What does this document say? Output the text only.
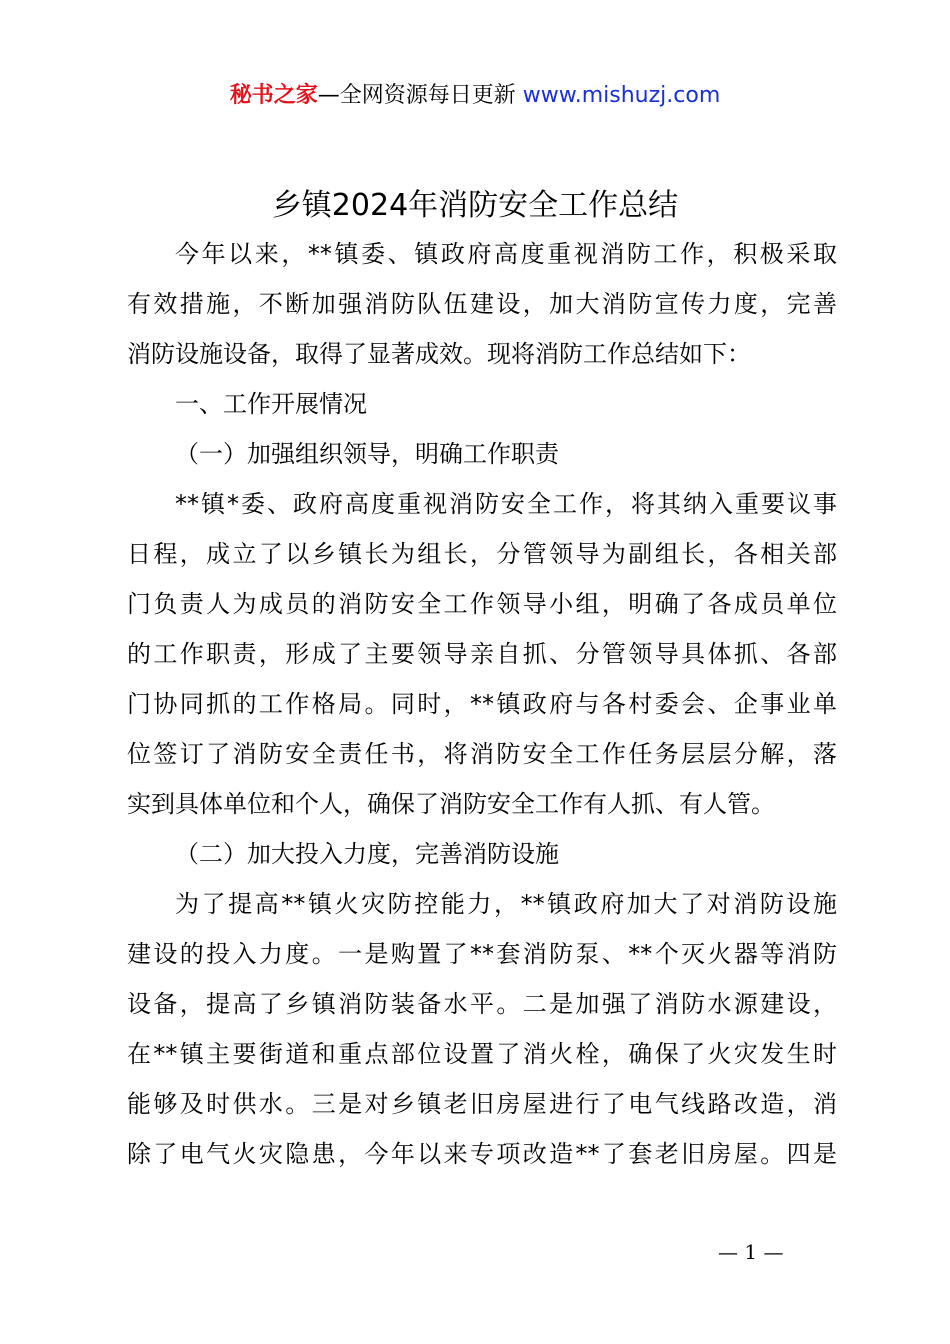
秘书之家—全网资源每日更新 www.mishuzj.com
乡镇2024年消防安全工作总结
今年以来，**镇委、镇政府高度重视消防工作，积极采取
有效措施，不断加强消防队伍建设，加大消防宣传力度，完善
消防设施设备，取得了显著成效。现将消防工作总结如下：
一、工作开展情况
（一）加强组织领导，明确工作职责
**镇*委、政府高度重视消防安全工作，将其纳入重要议事
日程，成立了以乡镇长为组长，分管领导为副组长，各相关部
门负责人为成员的消防安全工作领导小组，明确了各成员单位
的工作职责，形成了主要领导亲自抓、分管领导具体抓、各部
门协同抓的工作格局。同时，**镇政府与各村委会、企事业单
位签订了消防安全责任书，将消防安全工作任务层层分解，落
实到具体单位和个人，确保了消防安全工作有人抓、有人管。
（二）加大投入力度，完善消防设施
为了提高**镇火灾防控能力，**镇政府加大了对消防设施
建设的投入力度。一是购置了**套消防泵、**个灭火器等消防
设备，提高了乡镇消防装备水平。二是加强了消防水源建设，
在**镇主要街道和重点部位设置了消火栓，确保了火灾发生时
能够及时供水。三是对乡镇老旧房屋进行了电气线路改造，消
除了电气火灾隐患，今年以来专项改造**了套老旧房屋。四是
— 1 —
